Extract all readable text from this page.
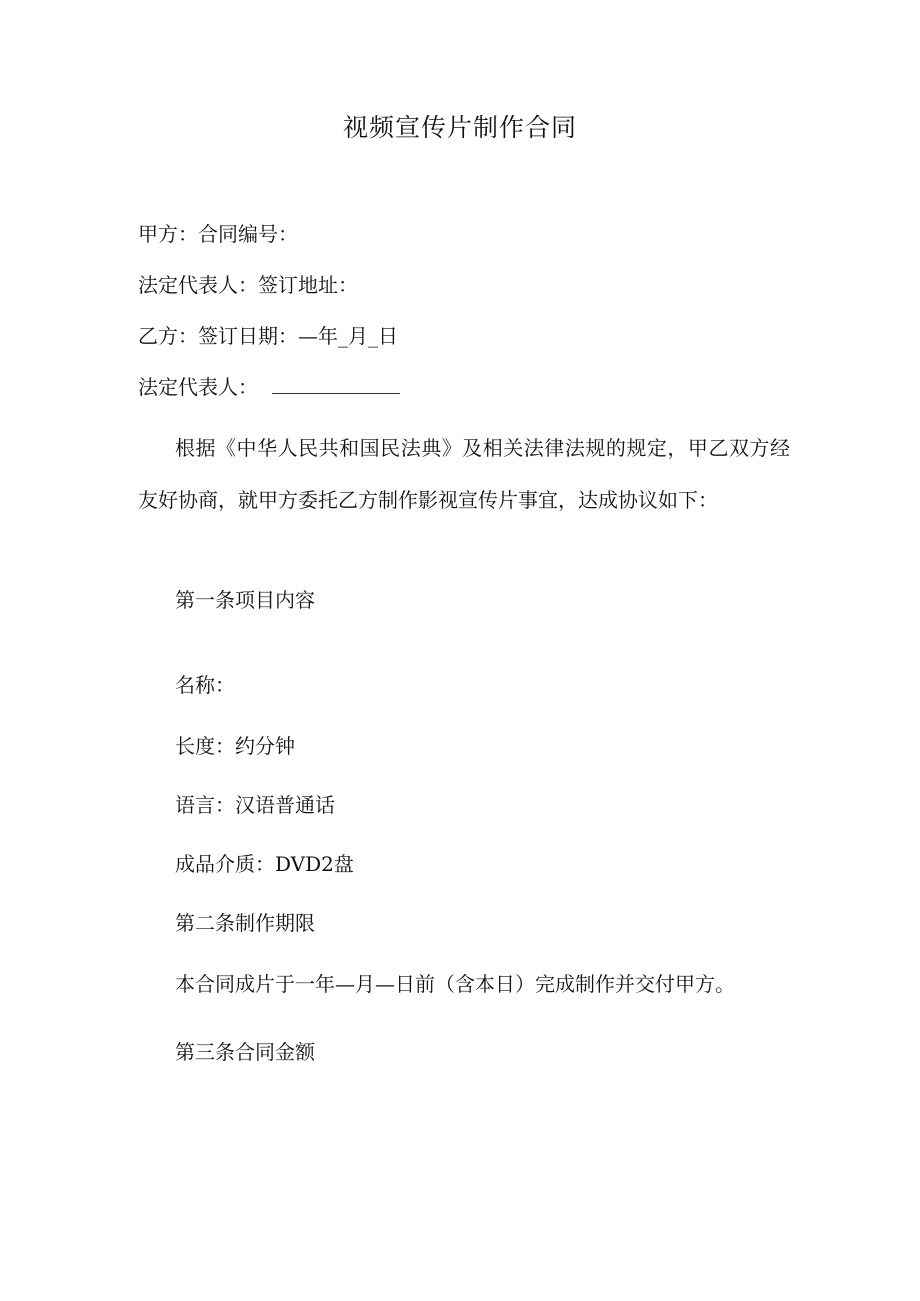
视频宣传片制作合同
甲方：合同编号：
法定代表人：签订地址：
乙方：签订日期：—年_月_日
法定代表人：
根据《中华人民共和国民法典》及相关法律法规的规定，甲乙双方经友好协商，就甲方委托乙方制作影视宣传片事宜，达成协议如下：
第一条项目内容
名称：
长度：约分钟
语言：汉语普通话
成品介质：DVD2盘
第二条制作期限
本合同成片于一年—月—日前（含本日）完成制作并交付甲方。
第三条合同金额
